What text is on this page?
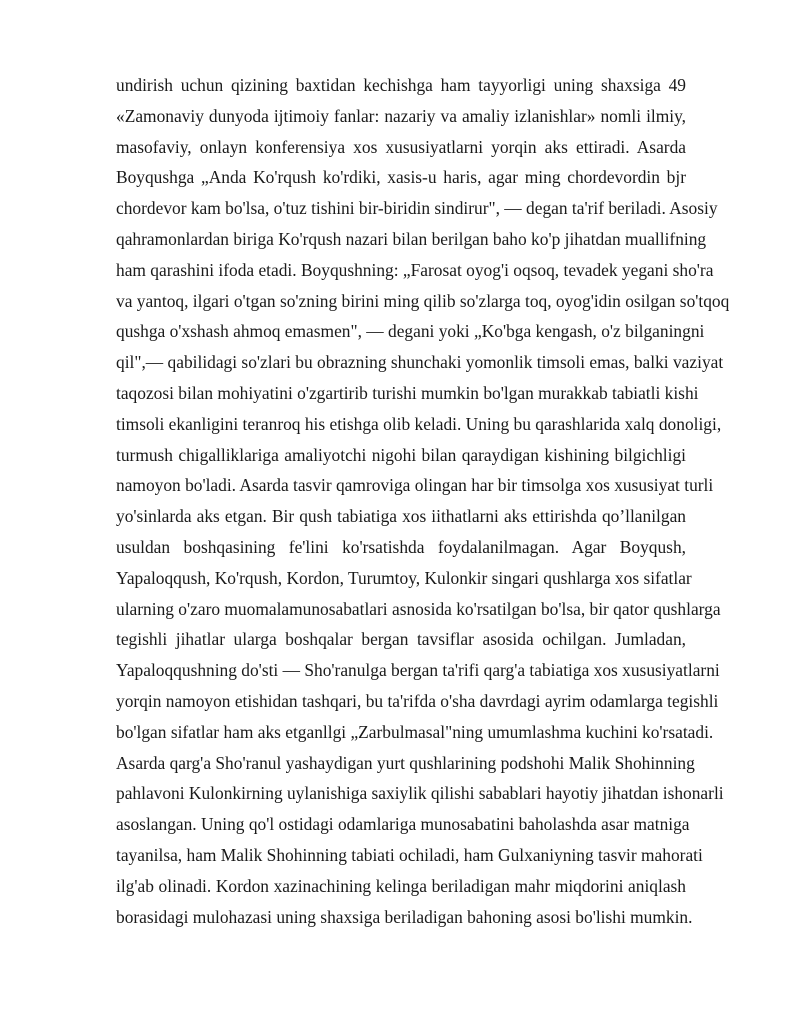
undirish uchun qizining baxtidan kechishga ham tayyorligi uning shaxsiga 49
«Zamonaviy dunyoda ijtimoiy fanlar: nazariy va amaliy izlanishlar» nomli ilmiy,
masofaviy, onlayn konferensiya xos xususiyatlarni yorqin aks ettiradi. Asarda
Boyqushga „Anda Ko'rqush ko'rdiki, xasis-u haris, agar ming chordevordin bjr
chordevor kam bo'lsa, o'tuz tishini bir-biridin sindirur", — degan ta'rif beriladi. Asosiy
qahramonlardan biriga Ko'rqush nazari bilan berilgan baho ko'p jihatdan muallifning
ham qarashini ifoda etadi. Boyqushning: „Farosat oyog'i oqsoq, tevadek yegani sho'ra
va yantoq, ilgari o'tgan so'zning birini ming qilib so'zlarga toq, oyog'idin osilgan so'tqoq
qushga o'xshash ahmoq emasmen", — degani yoki „Ko'bga kengash, o'z bilganingni
qil",— qabilidagi so'zlari bu obrazning shunchaki yomonlik timsoli emas, balki vaziyat
taqozosi bilan mohiyatini o'zgartirib turishi mumkin bo'lgan murakkab tabiatli kishi
timsoli ekanligini teranroq his etishga olib keladi. Uning bu qarashlarida xalq donoligi,
turmush chigalliklariga amaliyotchi nigohi bilan qaraydigan kishining bilgichligi
namoyon bo'ladi. Asarda tasvir qamroviga olingan har bir timsolga xos xususiyat turli
yo'sinlarda aks etgan. Bir qush tabiatiga xos iithatlarni aks ettirishda qo’llanilgan
usuldan boshqasining fe'lini ko'rsatishda foydalanilmagan. Agar Boyqush,
Yapaloqqush, Ko'rqush, Kordon, Turumtoy, Kulonkir singari qushlarga xos sifatlar
ularning o'zaro muomalamunosabatlari asnosida ko'rsatilgan bo'lsa, bir qator qushlarga
tegishli jihatlar ularga boshqalar bergan tavsiflar asosida ochilgan. Jumladan,
Yapaloqqushning do'sti — Sho'ranulga bergan ta'rifi qarg'a tabiatiga xos xususiyatlarni
yorqin namoyon etishidan tashqari, bu ta'rifda o'sha davrdagi ayrim odamlarga tegishli
bo'lgan sifatlar ham aks etganllgi „Zarbulmasal"ning umumlashma kuchini ko'rsatadi.
Asarda qarg'a Sho'ranul yashaydigan yurt qushlarining podshohi Malik Shohinning
pahlavoni Kulonkirning uylanishiga saxiylik qilishi sabablari hayotiy jihatdan ishonarli
asoslangan. Uning qo'l ostidagi odamlariga munosabatini baholashda asar matniga
tayanilsa, ham Malik Shohinning tabiati ochiladi, ham Gulxaniyning tasvir mahorati
ilg'ab olinadi. Kordon xazinachining kelinga beriladigan mahr miqdorini aniqlash
borasidagi mulohazasi uning shaxsiga beriladigan bahoning asosi bo'lishi mumkin.
